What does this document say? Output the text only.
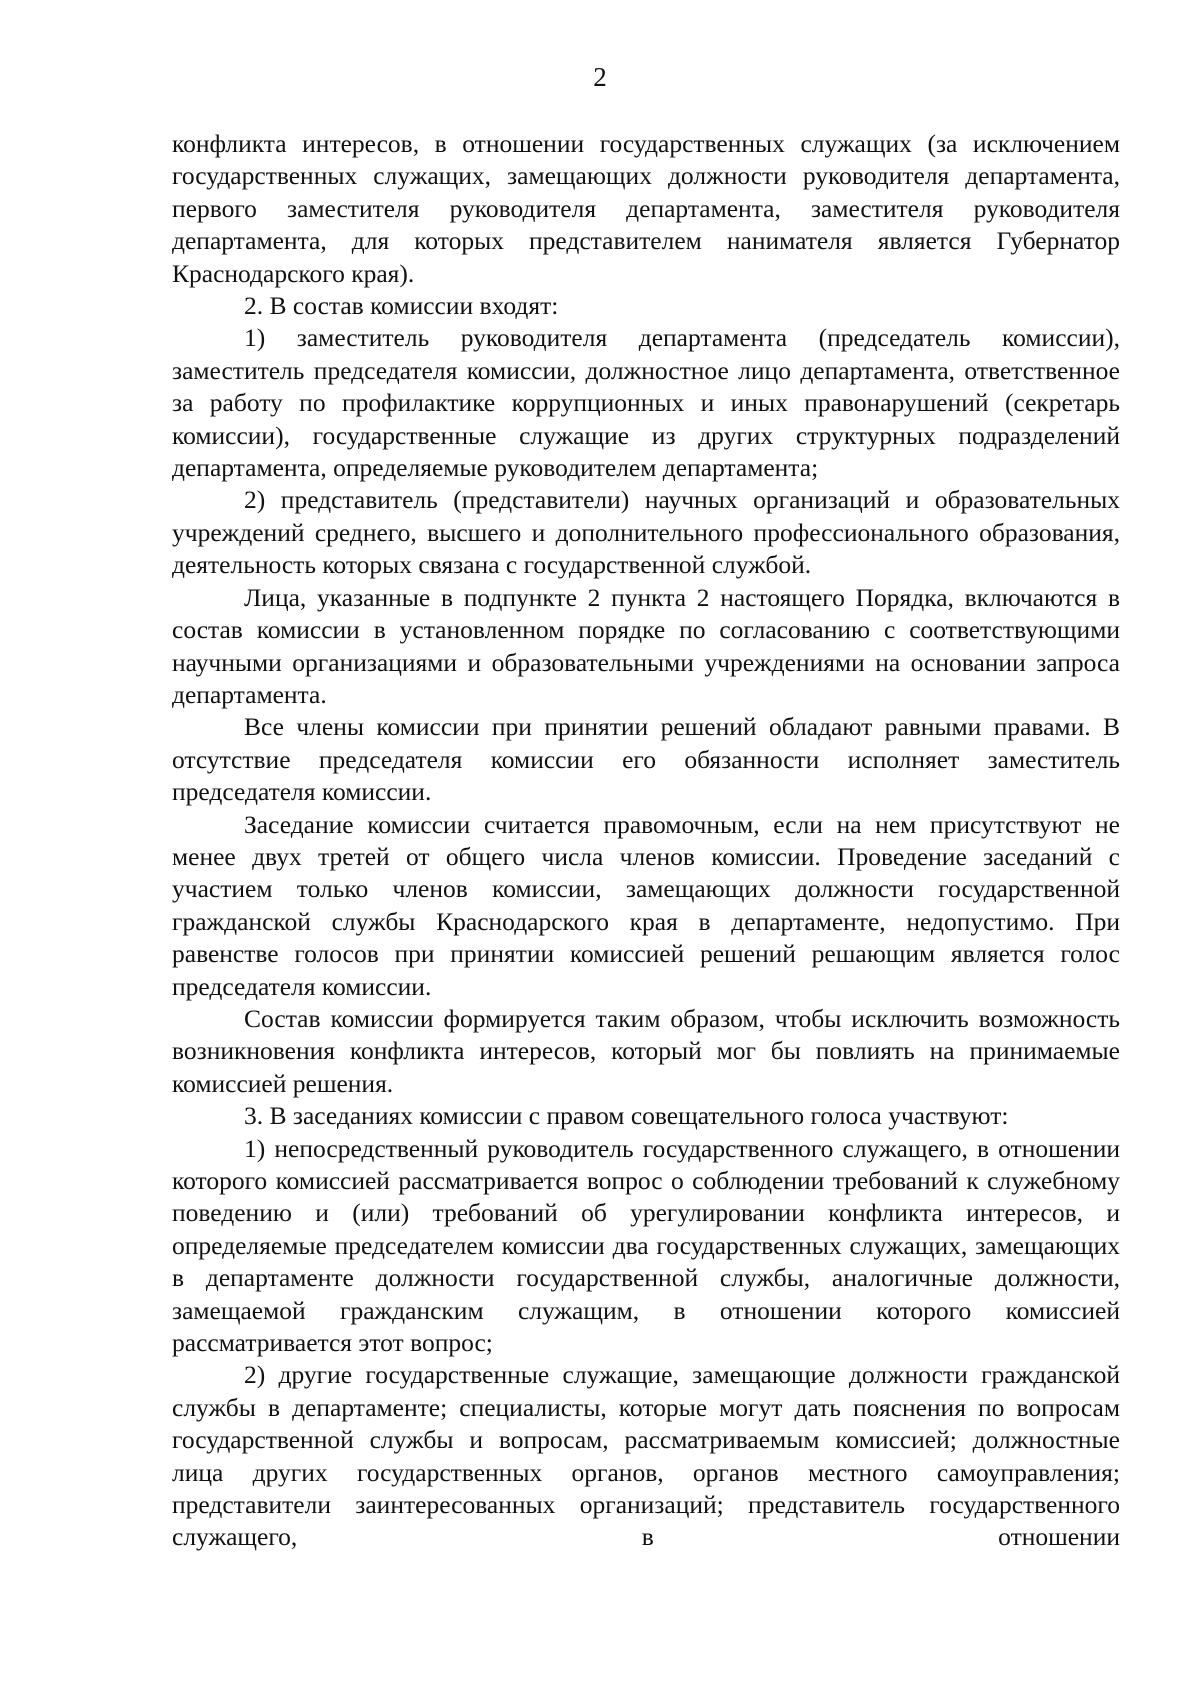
2

конфликта интересов, в отношении государственных служащих (за исключением государственных служащих, замещающих должности руководителя департамента, первого заместителя руководителя департамента, заместителя руководителя департамента, для которых представителем нанимателя является Губернатор Краснодарского края).

2. В состав комиссии входят:

1) заместитель руководителя департамента (председатель комиссии), заместитель председателя комиссии, должностное лицо департамента, ответственное за работу по профилактике коррупционных и иных правонарушений (секретарь комиссии), государственные служащие из других структурных подразделений департамента, определяемые руководителем департамента;

2) представитель (представители) научных организаций и образовательных учреждений среднего, высшего и дополнительного профессионального образования, деятельность которых связана с государственной службой.

Лица, указанные в подпункте 2 пункта 2 настоящего Порядка, включаются в состав комиссии в установленном порядке по согласованию с соответствующими научными организациями и образовательными учреждениями на основании запроса департамента.

Все члены комиссии при принятии решений обладают равными правами. В отсутствие председателя комиссии его обязанности исполняет заместитель председателя комиссии.

Заседание комиссии считается правомочным, если на нем присутствуют не менее двух третей от общего числа членов комиссии. Проведение заседаний с участием только членов комиссии, замещающих должности государственной гражданской службы Краснодарского края в департаменте, недопустимо. При равенстве голосов при принятии комиссией решений решающим является голос председателя комиссии.

Состав комиссии формируется таким образом, чтобы исключить возможность возникновения конфликта интересов, который мог бы повлиять на принимаемые комиссией решения.

3. В заседаниях комиссии с правом совещательного голоса участвуют:

1) непосредственный руководитель государственного служащего, в отношении которого комиссией рассматривается вопрос о соблюдении требований к служебному поведению и (или) требований об урегулировании конфликта интересов, и определяемые председателем комиссии два государственных служащих, замещающих в департаменте должности государственной службы, аналогичные должности, замещаемой гражданским служащим, в отношении которого комиссией рассматривается этот вопрос;

2) другие государственные служащие, замещающие должности гражданской службы в департаменте; специалисты, которые могут дать пояснения по вопросам государственной службы и вопросам, рассматриваемым комиссией; должностные лица других государственных органов, органов местного самоуправления; представители заинтересованных организаций; представитель государственного служащего, в отношении
